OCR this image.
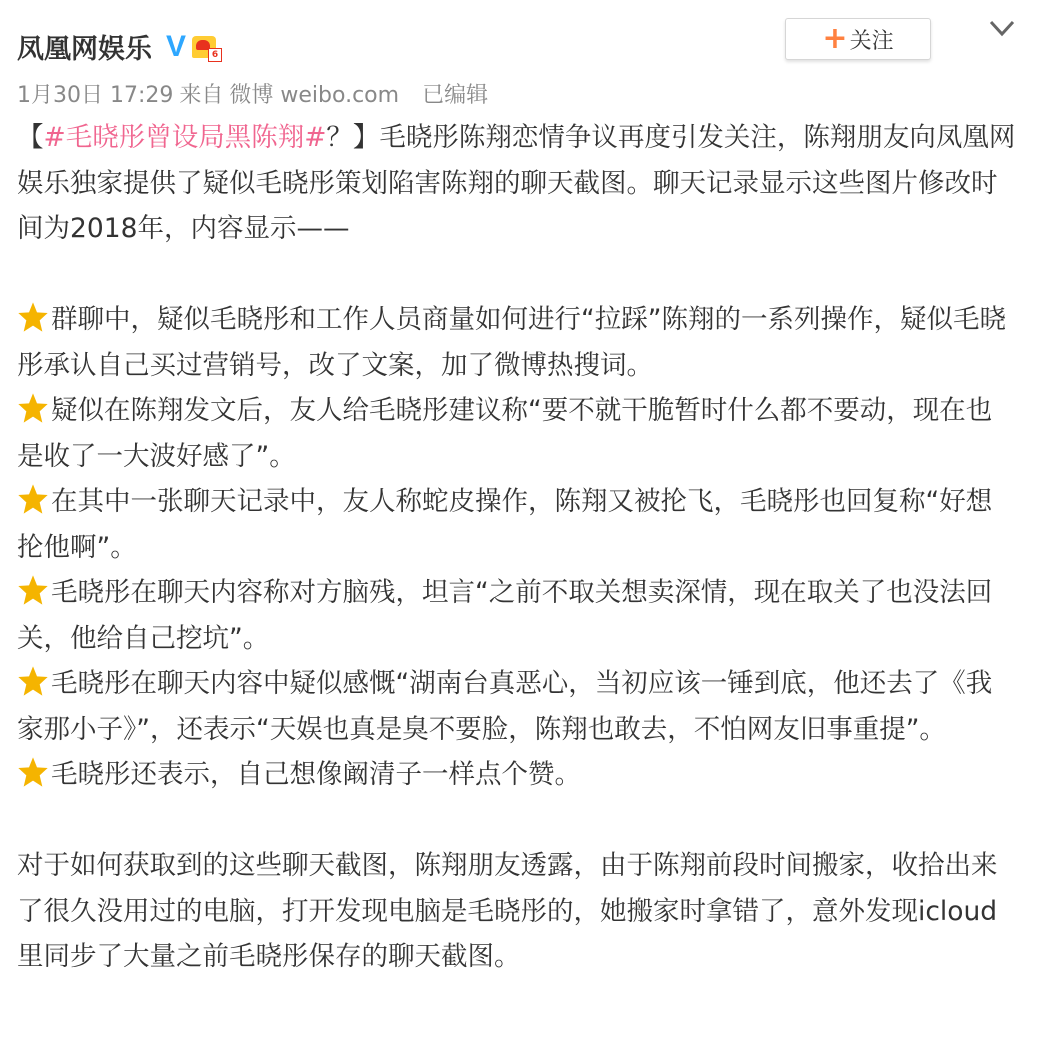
凤凰网娱乐 V	6
1月30日 17:29 来自 微博 weibo.com 已编辑
+ 关注

【#毛晓彤曾设局黑陈翔#？】毛晓彤陈翔恋情争议再度引发关注，陈翔朋友向凤凰网娱乐独家提供了疑似毛晓彤策划陷害陈翔的聊天截图。聊天记录显示这些图片修改时间为2018年，内容显示——

群聊中，疑似毛晓彤和工作人员商量如何进行“拉踩”陈翔的一系列操作，疑似毛晓彤承认自己买过营销号，改了文案，加了微博热搜词。

疑似在陈翔发文后，友人给毛晓彤建议称“要不就干脆暂时什么都不要动，现在也是收了一大波好感了”。

在其中一张聊天记录中，友人称蛇皮操作，陈翔又被抡飞，毛晓彤也回复称“好想抡他啊”。

毛晓彤在聊天内容称对方脑残，坦言“之前不取关想卖深情，现在取关了也没法回关，他给自己挖坑”。

毛晓彤在聊天内容中疑似感慨“湖南台真恶心，当初应该一锤到底，他还去了《我家那小子》”，还表示“天娱也真是臭不要脸，陈翔也敢去，不怕网友旧事重提”。

毛晓彤还表示，自己想像阚清子一样点个赞。

对于如何获取到的这些聊天截图，陈翔朋友透露，由于陈翔前段时间搬家，收拾出来了很久没用过的电脑，打开发现电脑是毛晓彤的，她搬家时拿错了，意外发现icloud里同步了大量之前毛晓彤保存的聊天截图。
